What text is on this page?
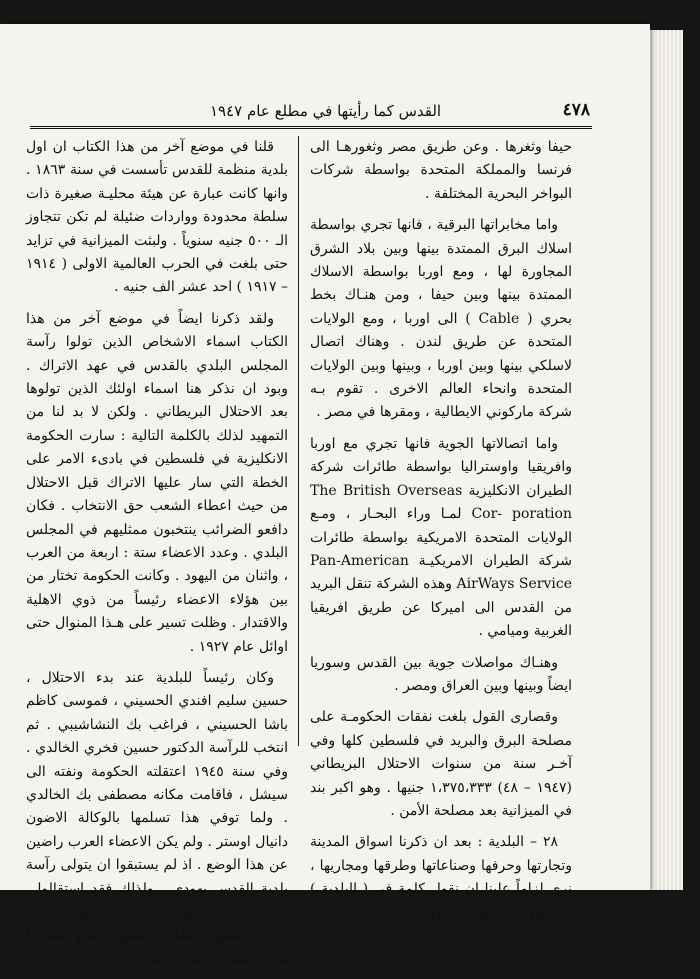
٤٧٨
القدس كما رأيتها في مطلع عام ١٩٤٧

حيفا وثغرها . وعن طريق مصر وثغورهـا الى فرنسا والمملكة المتحدة بواسطة شركات البواخر البحرية المختلفة .

واما مخابراتها البرقية ، فانها تجري بواسطة اسلاك البرق الممتدة بينها وبين بلاد الشرق المجاورة لها ، ومع اوربا بواسطة الاسلاك الممتدة بينها وبين حيفا ، ومن هنـاك بخط بحري ( Cable ) الى اوربا ، ومع الولايات المتحدة عن طريق لندن . وهناك اتصال لاسلكي بينها وبين اوربا ، وبينها وبين الولايات المتحدة وانحاء العالم الاخرى . تقوم بـه شركة ماركوني الايطالية ، ومقرها في مصر .

واما اتصالاتها الجوية فانها تجري مع اوربا وافريقيا واوستراليا بواسطة طائرات شركة الطيران الانكليزية The British Overseas Cor- poration لمـا وراء البحـار ، ومـع الولايات المتحدة الامريكية بواسطة طائرات شركة الطيران الامريكيـة Pan-American AirWays Service وهذه الشركة تنقل البريد من القدس الى اميركا عن طريق افريقيا الغربية وميامي .

وهنـاك مواصلات جوية بين القدس وسوريا ايضاً وبينها وبين العراق ومصر .

وقصارى القول بلغت نفقات الحكومـة على مصلحة البرق والبريد في فلسطين كلها وفي آخـر سنة من سنوات الاحتلال البريطاني (١٩٤٧ – ٤٨) ١،٣٧٥،٣٣٣ جنيها . وهو اكبر بند في الميزانية بعد مصلحة الأمن .

٢٨ – البلدية : بعد ان ذكرنا اسواق المدينة وتجارتها وحرفها وصناعاتها وطرقها ومجاريها ، نرى لزاماً علينا ان نقول كلمة في ( البلدية ) المسؤولة عن هذه الشؤون .

قلنا في موضع آخر من هذا الكتاب ان اول بلدية منظمة للقدس تأسست في سنة ١٨٦٣ . وانها كانت عبارة عن هيئة محليـة صغيرة ذات سلطة محدودة وواردات ضئيلة لم تكن تتجاوز الـ ٥٠٠ جنيه سنوياً . ولبثت الميزانية في تزايد حتى بلغت في الحرب العالمية الاولى ( ١٩١٤ – ١٩١٧ ) احد عشر الف جنيه .

ولقد ذكرنا ايضاً في موضع آخر من هذا الكتاب اسماء الاشخاص الذين تولوا رآسة المجلس البلدي بالقدس في عهد الاتراك . وبود ان نذكر هنا اسماء اولئك الذين تولوها بعد الاحتلال البريطاني . ولكن لا بد لنا من التمهيد لذلك بالكلمة التالية : سارت الحكومة الانكليزية في فلسطين في بادىء الامر على الخطة التي سار عليها الاتراك قبل الاحتلال من حيث اعطاء الشعب حق الانتخاب . فكان دافعو الضرائب ينتخبون ممثليهم في المجلس البلدي . وعدد الاعضاء ستة : اربعة من العرب ، واثنان من اليهود . وكانت الحكومة تختار من بين هؤلاء الاعضاء رئيساً من ذوي الاهلية والاقتدار . وظلت تسير على هـذا المنوال حتى اوائل عام ١٩٢٧ .

وكان رئيساً للبلدية عند بدء الاحتلال ، حسين سليم افندي الحسيني ، فموسى كاظم باشا الحسيني ، فراغب بك النشاشيبي . ثم انتخب للرآسة الدكتور حسين فخري الخالدي . وفي سنة ١٩٤٥ اعتقلته الحكومة ونفته الى سيشل ، فاقامت مكانه مصطفى بك الخالدي . ولما توفي هذا تسلمها بالوكالة الاضون دانيال اوستر . ولم يكن الاعضاء العرب راضين عن هذا الوضع . اذ لم يستبقوا ان يتولى رآسة بلدية القدس يهودي . ولذلك فقد استقالوا . عندئذ عينت الحكومة لجنة ( ١١ تموز ١٩٤٥ ) لادارة الشؤون البلدية رئيسها وجميع اعضائها من الانكليز . وعند كتابتي هـذه
